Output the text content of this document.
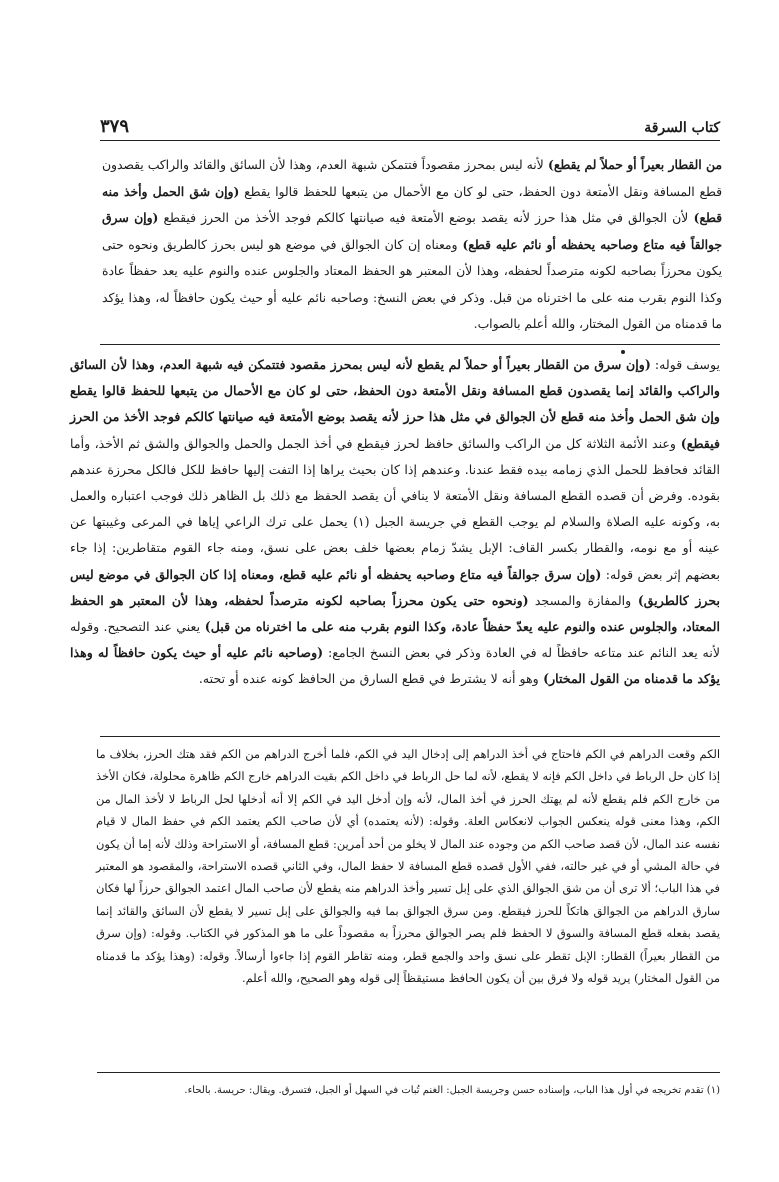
كتاب السرقة
٣٧٩

من القطار بعيراً أو حملاً لم يقطع) لأنه ليس بمحرز مقصوداً فتتمكن شبهة العدم، وهذا لأن السائق والقائد والراكب يقصدون قطع المسافة ونقل الأمتعة دون الحفظ، حتى لو كان مع الأحمال من يتبعها للحفظ قالوا يقطع (وإن شق الحمل وأخذ منه قطع) لأن الجوالق في مثل هذا حرز لأنه يقصد بوضع الأمتعة فيه صيانتها كالكم فوجد الأخذ من الحرز فيقطع (وإن سرق جوالقاً فيه متاع وصاحبه يحفظه أو نائم عليه قطع) ومعناه إن كان الجوالق في موضع هو ليس بحرز كالطريق ونحوه حتى يكون محرزاً بصاحبه لكونه مترصداً لحفظه، وهذا لأن المعتبر هو الحفظ المعتاد والجلوس عنده والنوم عليه يعد حفظاً عادة وكذا النوم بقرب منه على ما اخترناه من قبل. وذكر في بعض النسخ: وصاحبه نائم عليه أو حيث يكون حافظاً له، وهذا يؤكد ما قدمناه من القول المختار، والله أعلم بالصواب.

يوسف قوله: (وإن سرق من القطار بعيراً أو حملاً لم يقطع لأنه ليس بمحرز مقصود فتتمكن فيه شبهة العدم، وهذا لأن السائق والراكب والقائد إنما يقصدون قطع المسافة ونقل الأمتعة دون الحفظ، حتى لو كان مع الأحمال من يتبعها للحفظ قالوا يقطع وإن شق الحمل وأخذ منه قطع لأن الجوالق في مثل هذا حرز لأنه يقصد بوضع الأمتعة فيه صيانتها كالكم فوجد الأخذ من الحرز فيقطع) وعند الأئمة الثلاثة كل من الراكب والسائق حافظ لحرز فيقطع في أخذ الجمل والحمل والجوالق والشق ثم الأخذ، وأما القائد فحافظ للحمل الذي زمامه بيده فقط عندنا. وعندهم إذا كان بحيث يراها إذا التفت إليها حافظ للكل فالكل محرزة عندهم بقوده. وفرض أن قصده القطع المسافة ونقل الأمتعة لا ينافي أن يقصد الحفظ مع ذلك بل الظاهر ذلك فوجب اعتباره والعمل به، وكونه عليه الصلاة والسلام لم يوجب القطع في جريسة الجبل (١) يحمل على ترك الراعي إياها في المرعى وغيبتها عن عينه أو مع نومه، والقطار بكسر القاف: الإبل يشدّ زمام بعضها خلف بعض على نسق، ومنه جاء القوم متقاطرين: إذا جاء بعضهم إثر بعض قوله: (وإن سرق جوالقاً فيه متاع وصاحبه يحفظه أو نائم عليه قطع، ومعناه إذا كان الجوالق في موضع ليس بحرز كالطريق) والمفازة والمسجد (ونحوه حتى يكون محرزاً بصاحبه لكونه مترصداً لحفظه، وهذا لأن المعتبر هو الحفظ المعتاد، والجلوس عنده والنوم عليه يعدّ حفظاً عادة، وكذا النوم بقرب منه على ما اخترناه من قبل) يعني عند التصحيح. وقوله لأنه يعد النائم عند متاعه حافظاً له في العادة وذكر في بعض النسخ الجامع: (وصاحبه نائم عليه أو حيث يكون حافظاً له وهذا يؤكد ما قدمناه من القول المختار) وهو أنه لا يشترط في قطع السارق من الحافظ كونه عنده أو تحته.

الكم وقعت الدراهم في الكم فاحتاج في أخذ الدراهم إلى إدخال اليد في الكم، فلما أخرج الدراهم من الكم فقد هتك الحرز، بخلاف ما إذا كان حل الرباط في داخل الكم فإنه لا يقطع، لأنه لما حل الرباط في داخل الكم بقيت الدراهم خارج الكم ظاهرة محلولة، فكان الأخذ من خارج الكم فلم يقطع لأنه لم يهتك الحرز في أخذ المال، لأنه وإن أدخل اليد في الكم إلا أنه أدخلها لحل الرباط لا لأخذ المال من الكم، وهذا معنى قوله ينعكس الجواب لانعكاس العلة. وقوله: (لأنه يعتمده) أي لأن صاحب الكم يعتمد الكم في حفظ المال لا قيام نفسه عند المال، لأن قصد صاحب الكم من وجوده عند المال لا يخلو من أحد أمرين: قطع المسافة، أو الاستراحة وذلك لأنه إما أن يكون في حالة المشي أو في غير حالته، ففي الأول قصده قطع المسافة لا حفظ المال، وفي الثاني قصده الاستراحة، والمقصود هو المعتبر في هذا الباب؛ ألا ترى أن من شق الجوالق الذي على إبل تسير وأخذ الدراهم منه يقطع لأن صاحب المال اعتمد الجوالق حرزاً لها فكان سارق الدراهم من الجوالق هاتكاً للحرز فيقطع. ومن سرق الجوالق بما فيه والجوالق على إبل تسير لا يقطع لأن السائق والقائد إنما يقصد بفعله قطع المسافة والسوق لا الحفظ فلم يصر الجوالق محرزاً به مقصوداً على ما هو المذكور في الكتاب. وقوله: (وإن سرق من القطار بعيراً) القطار: الإبل تقطر على نسق واحد والجمع قطر، ومنه تقاطر القوم إذا جاءوا أرسالاً. وقوله: (وهذا يؤكد ما قدمناه من القول المختار) يريد قوله ولا فرق بين أن يكون الحافظ مستيقظاً إلى قوله وهو الصحيح، والله أعلم.

(١) تقدم تخريجه في أول هذا الباب، وإسناده حسن وجريسة الجبل: الغنم تُبات في السهل أو الجبل، فتسرق. ويقال: حريسة. بالحاء.
